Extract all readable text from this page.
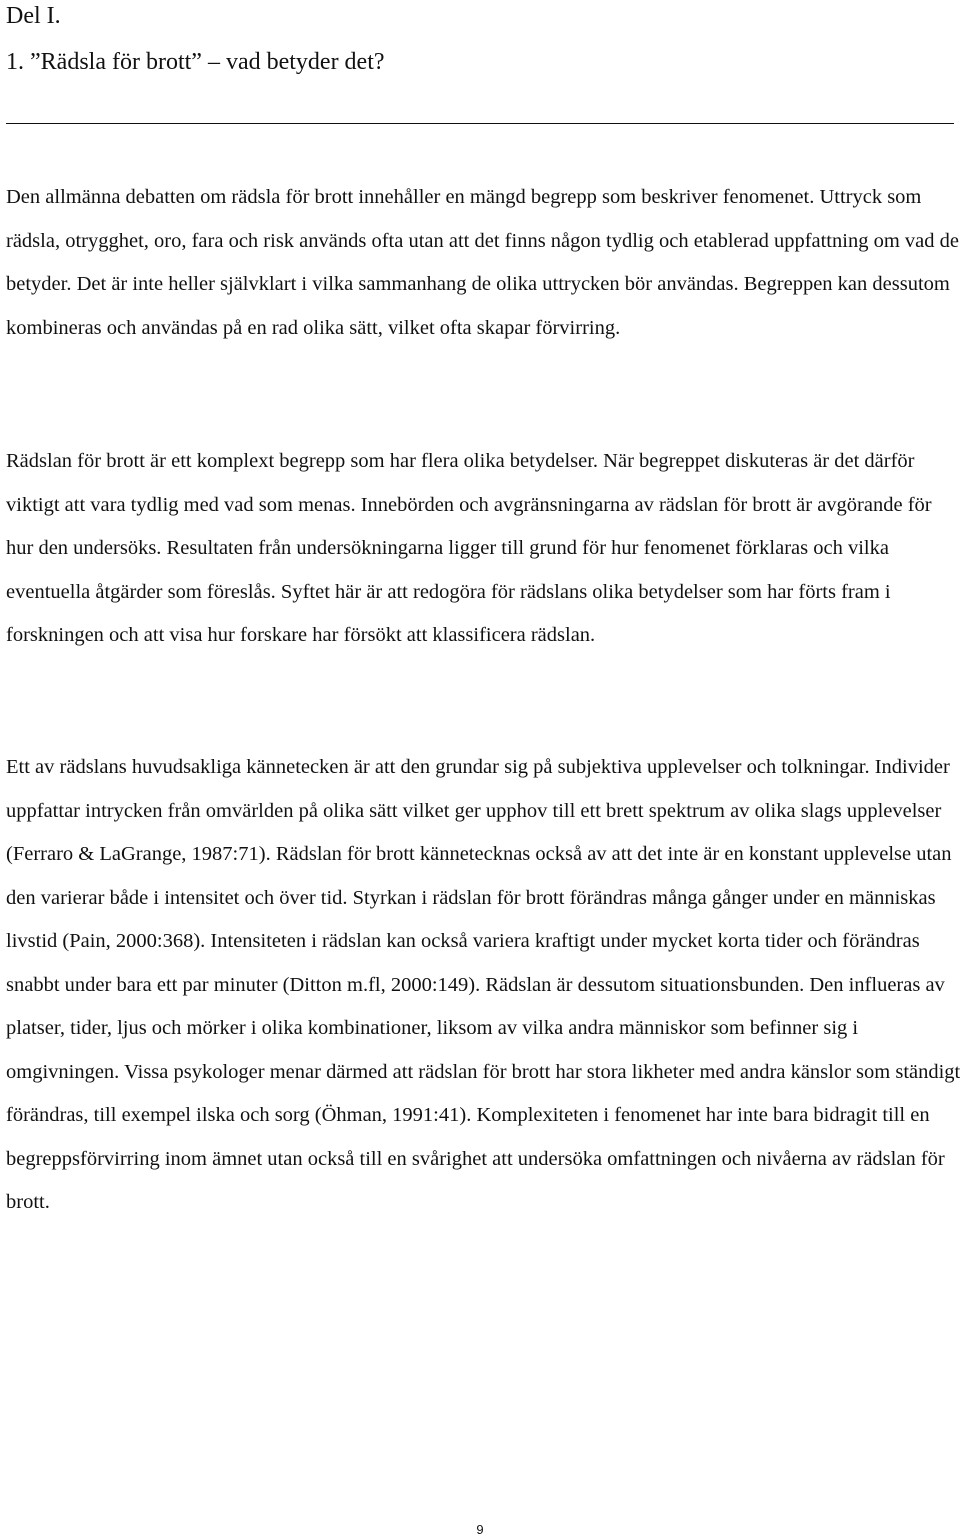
Del I.
1. ”Rädsla för brott” – vad betyder det?

Den allmänna debatten om rädsla för brott innehåller en mängd begrepp som beskriver fenomenet. Uttryck som rädsla, otrygghet, oro, fara och risk används ofta utan att det finns någon tydlig och etablerad uppfattning om vad de betyder. Det är inte heller självklart i vilka sammanhang de olika uttrycken bör användas. Begreppen kan dessutom kombineras och användas på en rad olika sätt, vilket ofta skapar förvirring.

Rädslan för brott är ett komplext begrepp som har flera olika betydelser. När begreppet diskuteras är det därför viktigt att vara tydlig med vad som menas. Innebörden och avgränsningarna av rädslan för brott är avgörande för hur den undersöks. Resultaten från undersökningarna ligger till grund för hur fenomenet förklaras och vilka eventuella åtgärder som föreslås. Syftet här är att redogöra för rädslans olika betydelser som har förts fram i forskningen och att visa hur forskare har försökt att klassificera rädslan.

Ett av rädslans huvudsakliga kännetecken är att den grundar sig på subjektiva upplevelser och tolkningar. Individer uppfattar intrycken från omvärlden på olika sätt vilket ger upphov till ett brett spektrum av olika slags upplevelser (Ferraro & LaGrange, 1987:71). Rädslan för brott kännetecknas också av att det inte är en konstant upplevelse utan den varierar både i intensitet och över tid. Styrkan i rädslan för brott förändras många gånger under en människas livstid (Pain, 2000:368). Intensiteten i rädslan kan också variera kraftigt under mycket korta tider och förändras snabbt under bara ett par minuter (Ditton m.fl, 2000:149). Rädslan är dessutom situationsbunden. Den influeras av platser, tider, ljus och mörker i olika kombinationer, liksom av vilka andra människor som befinner sig i omgivningen. Vissa psykologer menar därmed att rädslan för brott har stora likheter med andra känslor som ständigt förändras, till exempel ilska och sorg (Öhman, 1991:41). Komplexiteten i fenomenet har inte bara bidragit till en begreppsförvirring inom ämnet utan också till en svårighet att undersöka omfattningen och nivåerna av rädslan för brott.

9
